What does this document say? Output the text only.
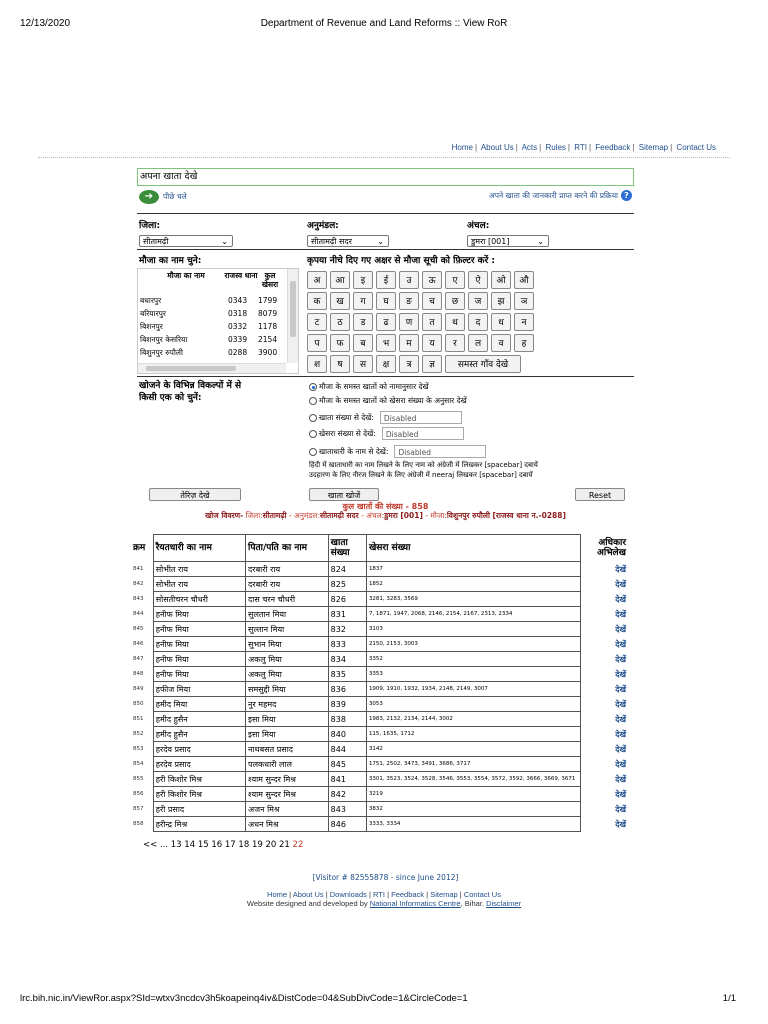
12/13/2020	Department of Revenue and Land Reforms :: View RoR
Home | About Us | Acts | Rules | RTI | Feedback | Sitemap | Contact Us
अपना खाता देखे
➔	पीछे चले	अपने खाता की जानकारी प्राप्त करने की प्रक्रिया ?
जिला:
सीतामढ़ी	⌄
अनुमंडल:
सीतामढ़ी सदर	⌄
अंचल:
डुमरा [001]	⌄
मौजा का नाम चुने:	कृपया नीचे दिए गए अक्षर से मौजा सूची को फ़िल्टर करें :
मौजा का नाम	राजस्व धाना कुल खेसरा
बधारपुर	0343 1799
बरियारपुर	0318 8079
बिशनपुर	0332 1178
बिशनपुर केसरिया	0339 2154
बिशुनपुर रुपौली	0288 3900
अ	आ	इ	ई	उ	ऊ	ए	ऐ	ओ	औ
क	ख	ग	घ	ङ	च	छ	ज	झ	ञ
ट	ठ	ड	ढ	ण	त	थ	द	ध	न
प	फ	ब	भ	म	य	र	ल	व	ह
श	ष	स	क्ष	त्र	ज्ञ	समस्त गाँव देखे
खोजने के विभिन्न विकल्पों में से
किसी एक को चुनें:
मौजा के समस्त खातों को नामानुसार देखें
मौजा के समस्त खातों को खेसरा संख्या के अनुसार देखें
खाता संख्या से देखें:	Disabled
खेसरा संख्या से देखें:	Disabled
खाताधारी के नाम से देखें:	Disabled
हिंदी में खाताधारी का नाम लिखने के लिए नाम को अंग्रेजी में लिखकर [spacebar] दबायें
उदहारण के लिए नीरज लिखने के लिए अंग्रेजी में neeraj लिखकर [spacebar] दबायें
तेरिज़ देखे	खाता खोजें	Reset
कुल खातों की संख्या - 858
खोज विवरण- जिला:सीतामढ़ी - अनुमंडल:सीतामढ़ी सदर - अंचल:डुमरा [001] - मौजा:विशुनपुर रुपौली [राजस्व धाना न.-0288]
क्रम	रैयतधारी का नाम	पिता/पति का नाम	खाता संख्या	खेसरा संख्या	अधिकार अभिलेख
841	सोभीत राय	दरबारी राय	824	1837	देखें
842	सोभीत राय	दरबारी राय	825	1852	देखें
843	सोसतीचरन चौधरी	दास चरन चौधरी	826	3281, 3283, 3569	देखें
844	हनीफ मिया	सुलतान मिया	831	7, 1871, 1947, 2068, 2146, 2154, 2167, 2313, 2334	देखें
845	हनीफ मिया	सुल्तान मिया	832	3103	देखें
846	हनीफ मिया	सुभान मिया	833	2150, 2153, 3003	देखें
847	हनीफ मिया	अकलु मिया	834	3352	देखें
848	हनीफ मिया	अकलु मिया	835	3353	देखें
849	हफीज मिया	समसुद्दी मिया	836	1909, 1910, 1932, 1934, 2148, 2149, 3007	देखें
850	हमीद मिया	नुर महमद	839	3053	देखें
851	हमीद हुसैन	इसा मिया	838	1983, 2132, 2134, 2144, 3002	देखें
852	हमीद हुसैन	इसा मिया	840	115, 1635, 1712	देखें
853	हरदेव प्रसाद	नाथबसत प्रसाद	844	3142	देखें
854	हरदेव प्रसाद	पलकधारी लाल	845	1751, 2502, 3473, 3491, 3686, 3717	देखें
855	हरी किशोर मिश्र	श्याम सुन्दर मिश्र	841	3301, 3523, 3524, 3528, 3546, 3553, 3554, 3572, 3592, 3666, 3669, 3671	देखें
856	हरी किशोर मिश्र	श्याम सुन्दर मिश्र	842	3219	देखें
857	हरी प्रसाद	अजन मिश्र	843	3832	देखें
858	हरीन्द्र मिश्र	अधन मिश्र	846	3333, 3334	देखें
<< ... 13 14 15 16 17 18 19 20 21 22
[Visitor # 82555878 - since June 2012]
Home | About Us | Downloads | RTI | Feedback | Sitemap | Contact Us
Website designed and developed by National Informatics Centre, Bihar. Disclaimer
lrc.bih.nic.in/ViewRor.aspx?SId=wtxv3ncdcv3h5koapeinq4iv&DistCode=04&SubDivCode=1&CircleCode=1	1/1
